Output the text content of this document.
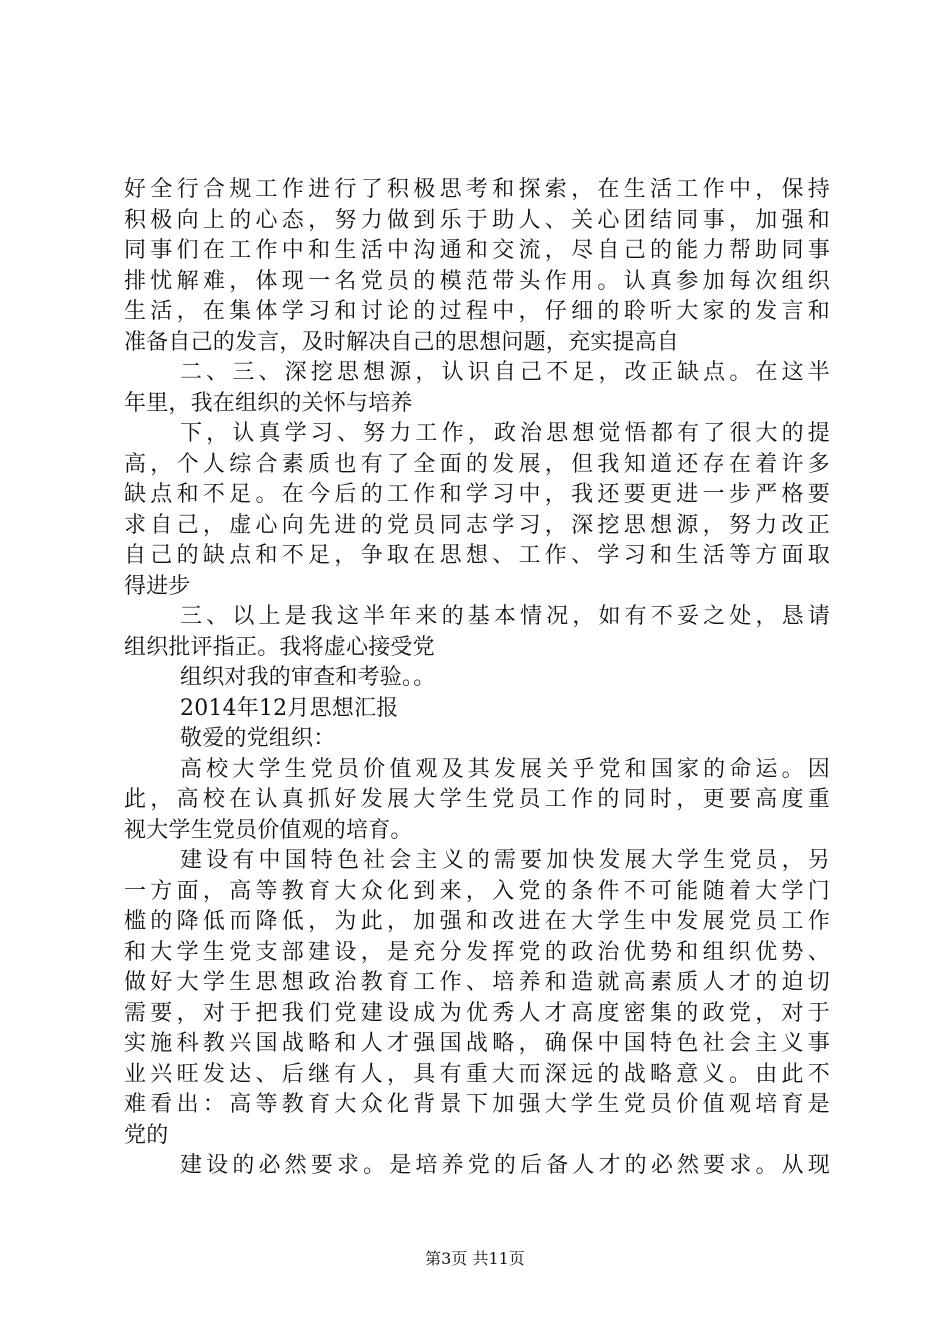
好全行合规工作进行了积极思考和探索，在生活工作中，保持
积极向上的心态，努力做到乐于助人、关心团结同事，加强和
同事们在工作中和生活中沟通和交流，尽自己的能力帮助同事
排忧解难，体现一名党员的模范带头作用。认真参加每次组织
生活，在集体学习和讨论的过程中，仔细的聆听大家的发言和
准备自己的发言，及时解决自己的思想问题，充实提高自
二、三、深挖思想源，认识自己不足，改正缺点。在这半
年里，我在组织的关怀与培养
下，认真学习、努力工作，政治思想觉悟都有了很大的提
高，个人综合素质也有了全面的发展，但我知道还存在着许多
缺点和不足。在今后的工作和学习中，我还要更进一步严格要
求自己，虚心向先进的党员同志学习，深挖思想源，努力改正
自己的缺点和不足，争取在思想、工作、学习和生活等方面取
得进步
三、以上是我这半年来的基本情况，如有不妥之处，恳请
组织批评指正。我将虚心接受党
组织对我的审查和考验。。
2014年12月思想汇报
敬爱的党组织：
高校大学生党员价值观及其发展关乎党和国家的命运。因
此，高校在认真抓好发展大学生党员工作的同时，更要高度重
视大学生党员价值观的培育。
建设有中国特色社会主义的需要加快发展大学生党员，另
一方面，高等教育大众化到来，入党的条件不可能随着大学门
槛的降低而降低，为此，加强和改进在大学生中发展党员工作
和大学生党支部建设，是充分发挥党的政治优势和组织优势、
做好大学生思想政治教育工作、培养和造就高素质人才的迫切
需要，对于把我们党建设成为优秀人才高度密集的政党，对于
实施科教兴国战略和人才强国战略，确保中国特色社会主义事
业兴旺发达、后继有人，具有重大而深远的战略意义。由此不
难看出：高等教育大众化背景下加强大学生党员价值观培育是
党的
建设的必然要求。是培养党的后备人才的必然要求。从现
第3页 共11页
